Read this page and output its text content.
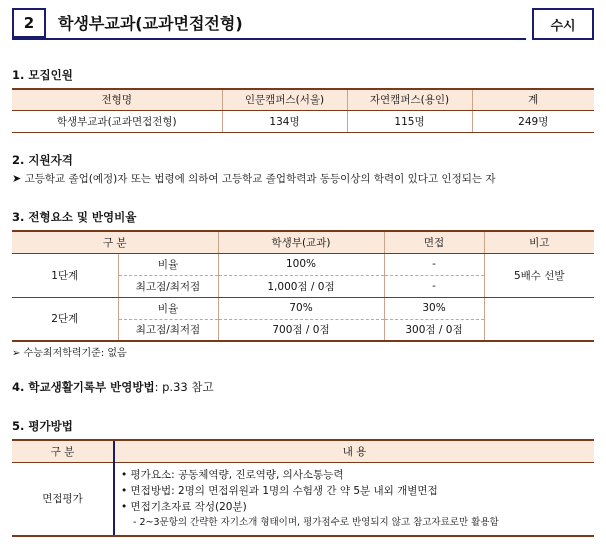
2	학생부교과(교과면접전형)	수시
1. 모집인원
전형명	인문캠퍼스(서울)	자연캠퍼스(용인)	계
학생부교과(교과면접전형)	134명	115명	249명
2. 지원자격
➤ 고등학교 졸업(예정)자 또는 법령에 의하여 고등학교 졸업학력과 동등이상의 학력이 있다고 인정되는 자
3. 전형요소 및 반영비율
구 분		학생부(교과)	면접	비고
1단계	비율	100%	-	5배수 선발
	최고점/최저점	1,000점 / 0점	-	
2단계	비율	70%	30%	
	최고점/최저점	700점 / 0점	300점 / 0점	
➢ 수능최저학력기준: 없음
4. 학교생활기록부 반영방법: p.33 참고
5. 평가방법
구 분	내 용
면접평가	• 평가요소: 공동체역량, 진로역량, 의사소통능력
• 면접방법: 2명의 면접위원과 1명의 수험생 간 약 5분 내외 개별면접
• 면접기초자료 작성(20분)
- 2~3문항의 간략한 자기소개 형태이며, 평가점수로 반영되지 않고 참고자료로만 활용함
